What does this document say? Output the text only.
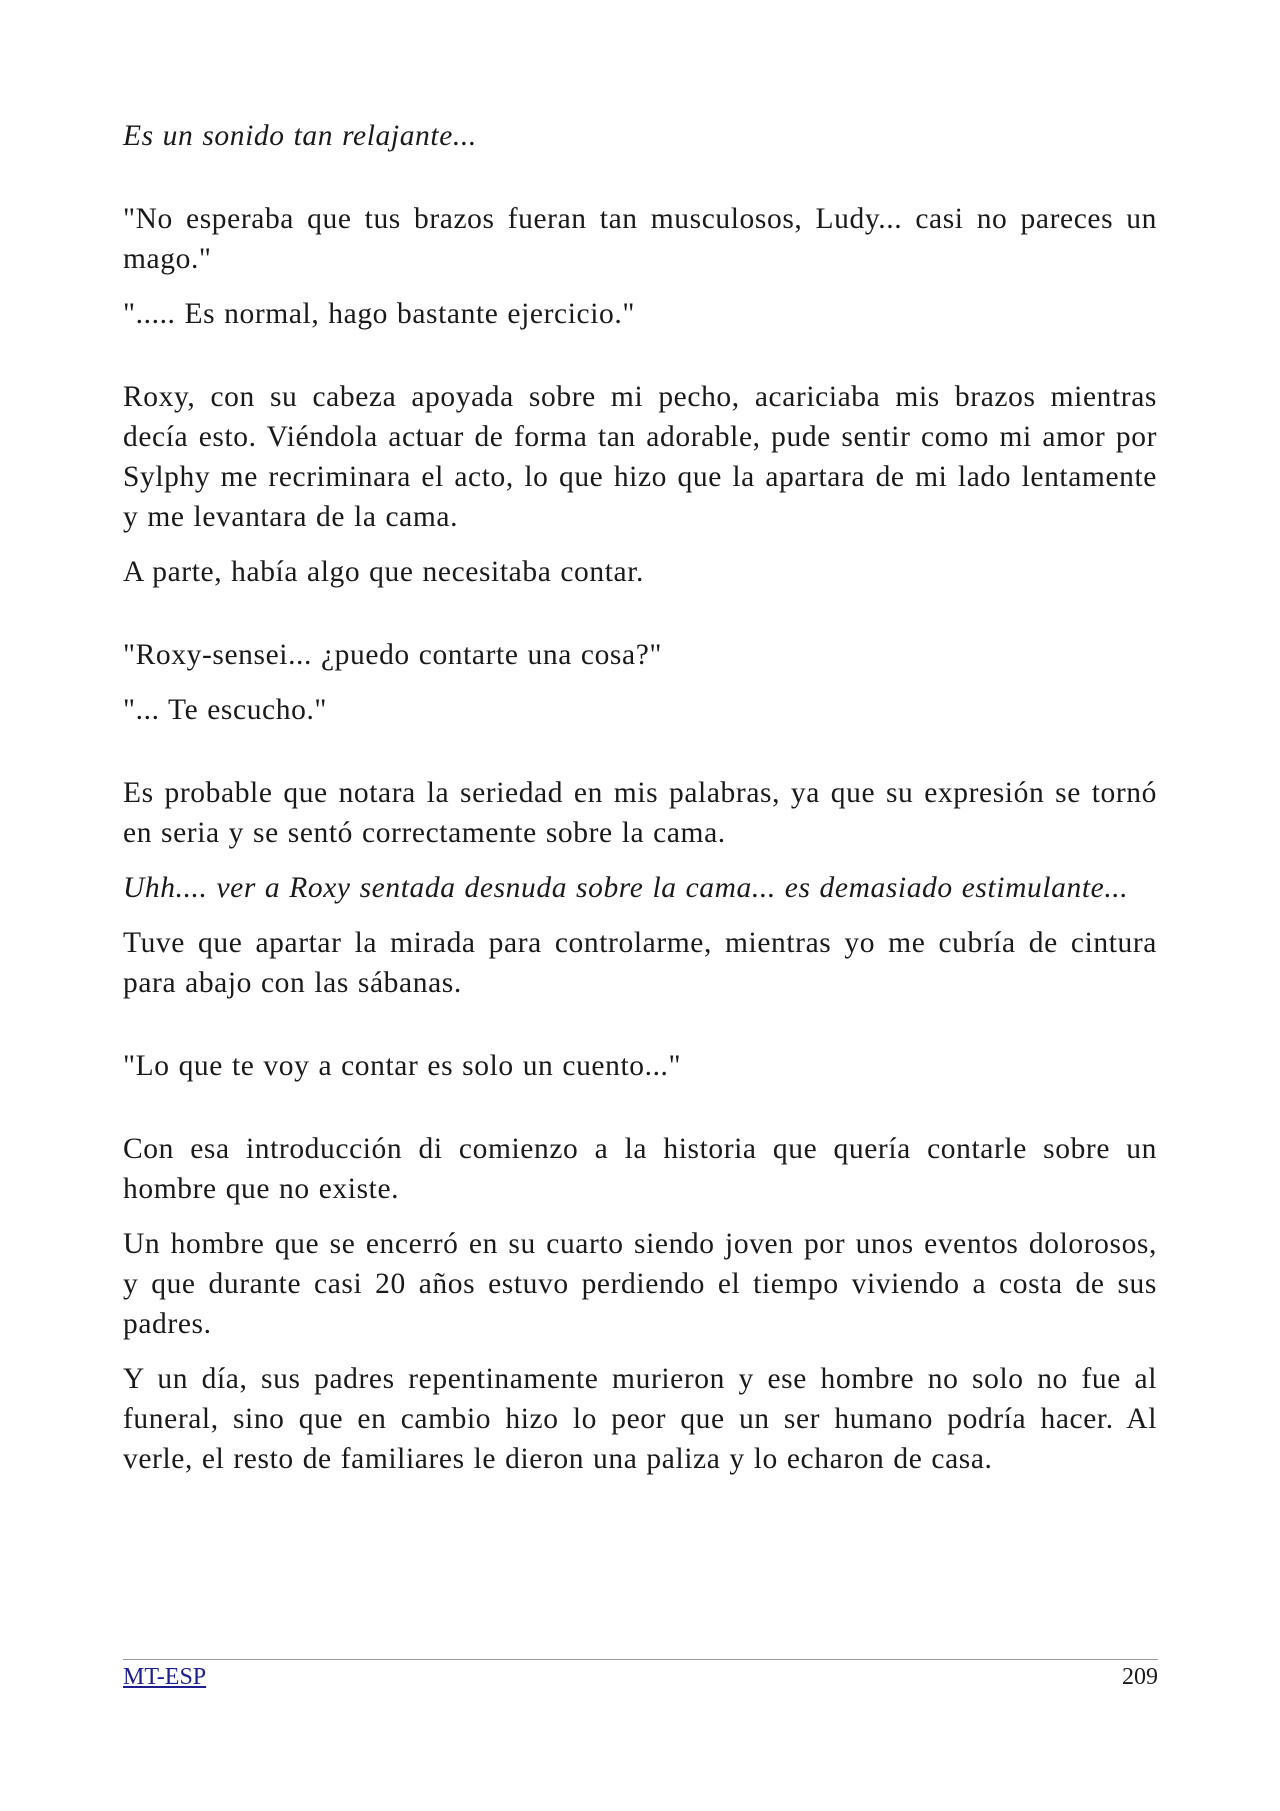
Es un sonido tan relajante...

"No esperaba que tus brazos fueran tan musculosos, Ludy... casi no pareces un mago."

"..... Es normal, hago bastante ejercicio."

Roxy, con su cabeza apoyada sobre mi pecho, acariciaba mis brazos mientras decía esto. Viéndola actuar de forma tan adorable, pude sentir como mi amor por Sylphy me recriminara el acto, lo que hizo que la apartara de mi lado lentamente y me levantara de la cama.

A parte, había algo que necesitaba contar.

"Roxy-sensei... ¿puedo contarte una cosa?"

"... Te escucho."

Es probable que notara la seriedad en mis palabras, ya que su expresión se tornó en seria y se sentó correctamente sobre la cama.

Uhh.... ver a Roxy sentada desnuda sobre la cama... es demasiado estimulante...

Tuve que apartar la mirada para controlarme, mientras yo me cubría de cintura para abajo con las sábanas.

"Lo que te voy a contar es solo un cuento..."

Con esa introducción di comienzo a la historia que quería contarle sobre un hombre que no existe.

Un hombre que se encerró en su cuarto siendo joven por unos eventos dolorosos, y que durante casi 20 años estuvo perdiendo el tiempo viviendo a costa de sus padres.

Y un día, sus padres repentinamente murieron y ese hombre no solo no fue al funeral, sino que en cambio hizo lo peor que un ser humano podría hacer. Al verle, el resto de familiares le dieron una paliza y lo echaron de casa.

MT-ESP	209
